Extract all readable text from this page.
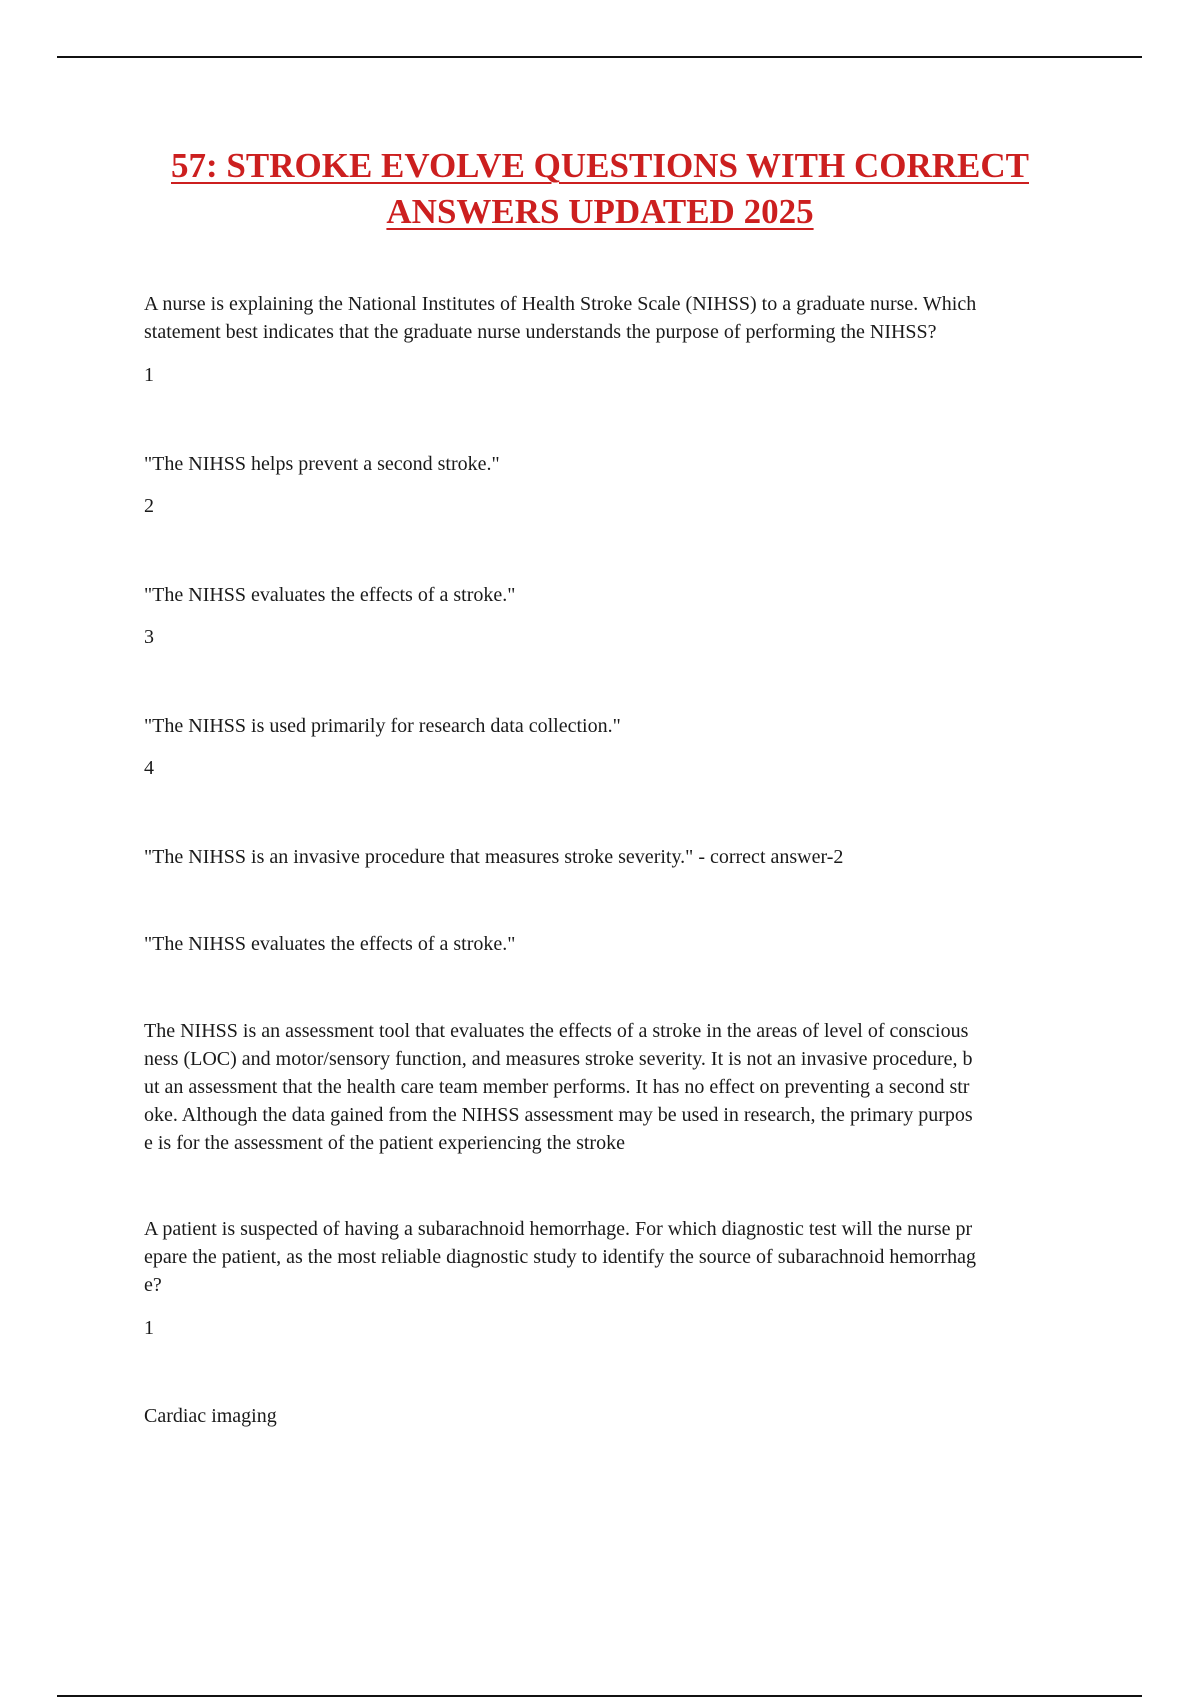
57: STROKE EVOLVE QUESTIONS WITH CORRECT
ANSWERS UPDATED 2025
A nurse is explaining the National Institutes of Health Stroke Scale (NIHSS) to a graduate nurse. Which
statement best indicates that the graduate nurse understands the purpose of performing the NIHSS?

1

"The NIHSS helps prevent a second stroke."

2

"The NIHSS evaluates the effects of a stroke."

3

"The NIHSS is used primarily for research data collection."

4

"The NIHSS is an invasive procedure that measures stroke severity." - correct answer-2

"The NIHSS evaluates the effects of a stroke."

The NIHSS is an assessment tool that evaluates the effects of a stroke in the areas of level of conscious
ness (LOC) and motor/sensory function, and measures stroke severity. It is not an invasive procedure, b
ut an assessment that the health care team member performs. It has no effect on preventing a second str
oke. Although the data gained from the NIHSS assessment may be used in research, the primary purpos
e is for the assessment of the patient experiencing the stroke
A patient is suspected of having a subarachnoid hemorrhage. For which diagnostic test will the nurse pr
epare the patient, as the most reliable diagnostic study to identify the source of subarachnoid hemorrhag
e?

1

Cardiac imaging
